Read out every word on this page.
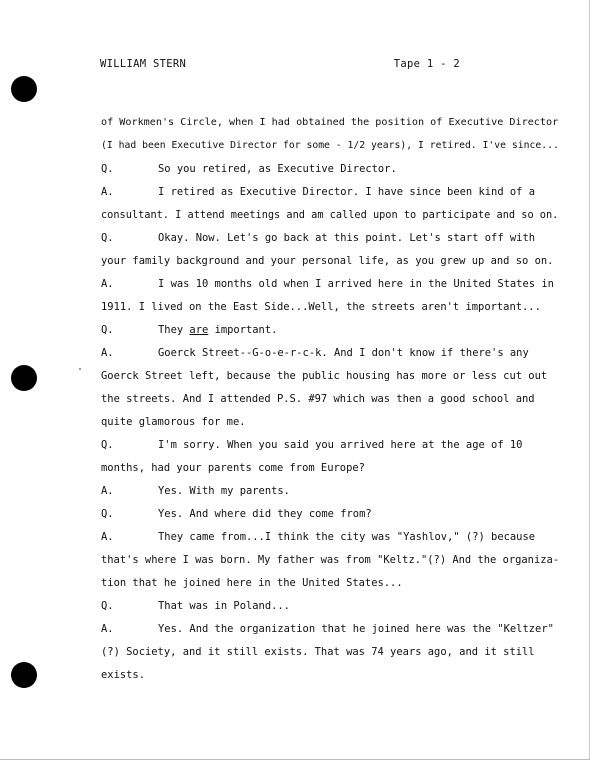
WILLIAM STERN	Tape 1 - 2
of Workmen's Circle, when I had obtained the position of Executive Director
(I had been Executive Director for some - 1/2 years), I retired. I've since...
Q.	So you retired, as Executive Director.
A.	I retired as Executive Director. I have since been kind of a
consultant. I attend meetings and am called upon to participate and so on.
Q.	Okay. Now. Let's go back at this point. Let's start off with
your family background and your personal life, as you grew up and so on.
A.	I was 10 months old when I arrived here in the United States in
1911. I lived on the East Side...Well, the streets aren't important...
Q.	They are important.
A.	Goerck Street--G-o-e-r-c-k. And I don't know if there's any
Goerck Street left, because the public housing has more or less cut out
the streets. And I attended P.S. #97 which was then a good school and
quite glamorous for me.
Q.	I'm sorry. When you said you arrived here at the age of 10
months, had your parents come from Europe?
A.	Yes. With my parents.
Q.	Yes. And where did they come from?
A.	They came from...I think the city was "Yashlov," (?) because
that's where I was born. My father was from "Keltz."(?) And the organiza-
tion that he joined here in the United States...
Q.	That was in Poland...
A.	Yes. And the organization that he joined here was the "Keltzer"
(?) Society, and it still exists. That was 74 years ago, and it still
exists.
